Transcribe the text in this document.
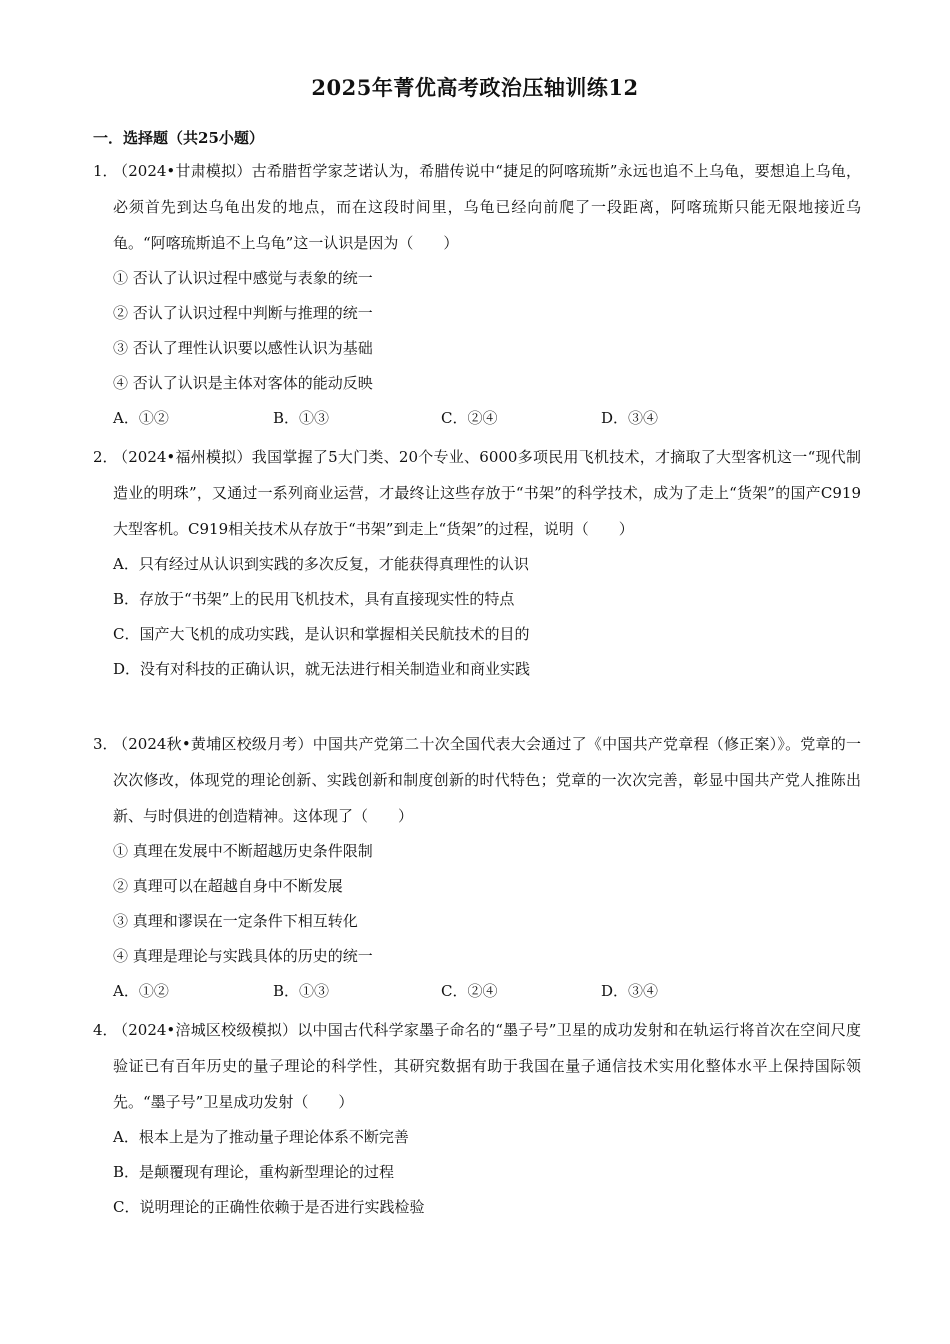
2025年菁优高考政治压轴训练12
一．选择题（共25小题）
1．
（2024•甘肃模拟）古希腊哲学家芝诺认为，希腊传说中“捷足的阿喀琉斯”永远也追不上乌龟，要想追上乌龟，必须首先到达乌龟出发的地点，而在这段时间里，乌龟已经向前爬了一段距离，阿喀琉斯只能无限地接近乌龟。“阿喀琉斯追不上乌龟”这一认识是因为（　　）
① 否认了认识过程中感觉与表象的统一
② 否认了认识过程中判断与推理的统一
③ 否认了理性认识要以感性认识为基础
④ 否认了认识是主体对客体的能动反映
A．①②	B．①③	C．②④	D．③④
2．
（2024•福州模拟）我国掌握了5大门类、20个专业、6000多项民用飞机技术，才摘取了大型客机这一“现代制造业的明珠”，又通过一系列商业运营，才最终让这些存放于“书架”的科学技术，成为了走上“货架”的国产C919大型客机。C919相关技术从存放于“书架”到走上“货架”的过程，说明（　　）
A．只有经过从认识到实践的多次反复，才能获得真理性的认识
B．存放于“书架”上的民用飞机技术，具有直接现实性的特点
C．国产大飞机的成功实践，是认识和掌握相关民航技术的目的
D．没有对科技的正确认识，就无法进行相关制造业和商业实践
3．
（2024秋•黄埔区校级月考）中国共产党第二十次全国代表大会通过了《中国共产党章程（修正案）》。党章的一次次修改，体现党的理论创新、实践创新和制度创新的时代特色；党章的一次次完善，彰显中国共产党人推陈出新、与时俱进的创造精神。这体现了（　　）
① 真理在发展中不断超越历史条件限制
② 真理可以在超越自身中不断发展
③ 真理和谬误在一定条件下相互转化
④ 真理是理论与实践具体的历史的统一
A．①②	B．①③	C．②④	D．③④
4．
（2024•涪城区校级模拟）以中国古代科学家墨子命名的“墨子号”卫星的成功发射和在轨运行将首次在空间尺度验证已有百年历史的量子理论的科学性，其研究数据有助于我国在量子通信技术实用化整体水平上保持国际领先。“墨子号”卫星成功发射（　　）
A．根本上是为了推动量子理论体系不断完善
B．是颠覆现有理论，重构新型理论的过程
C．说明理论的正确性依赖于是否进行实践检验
